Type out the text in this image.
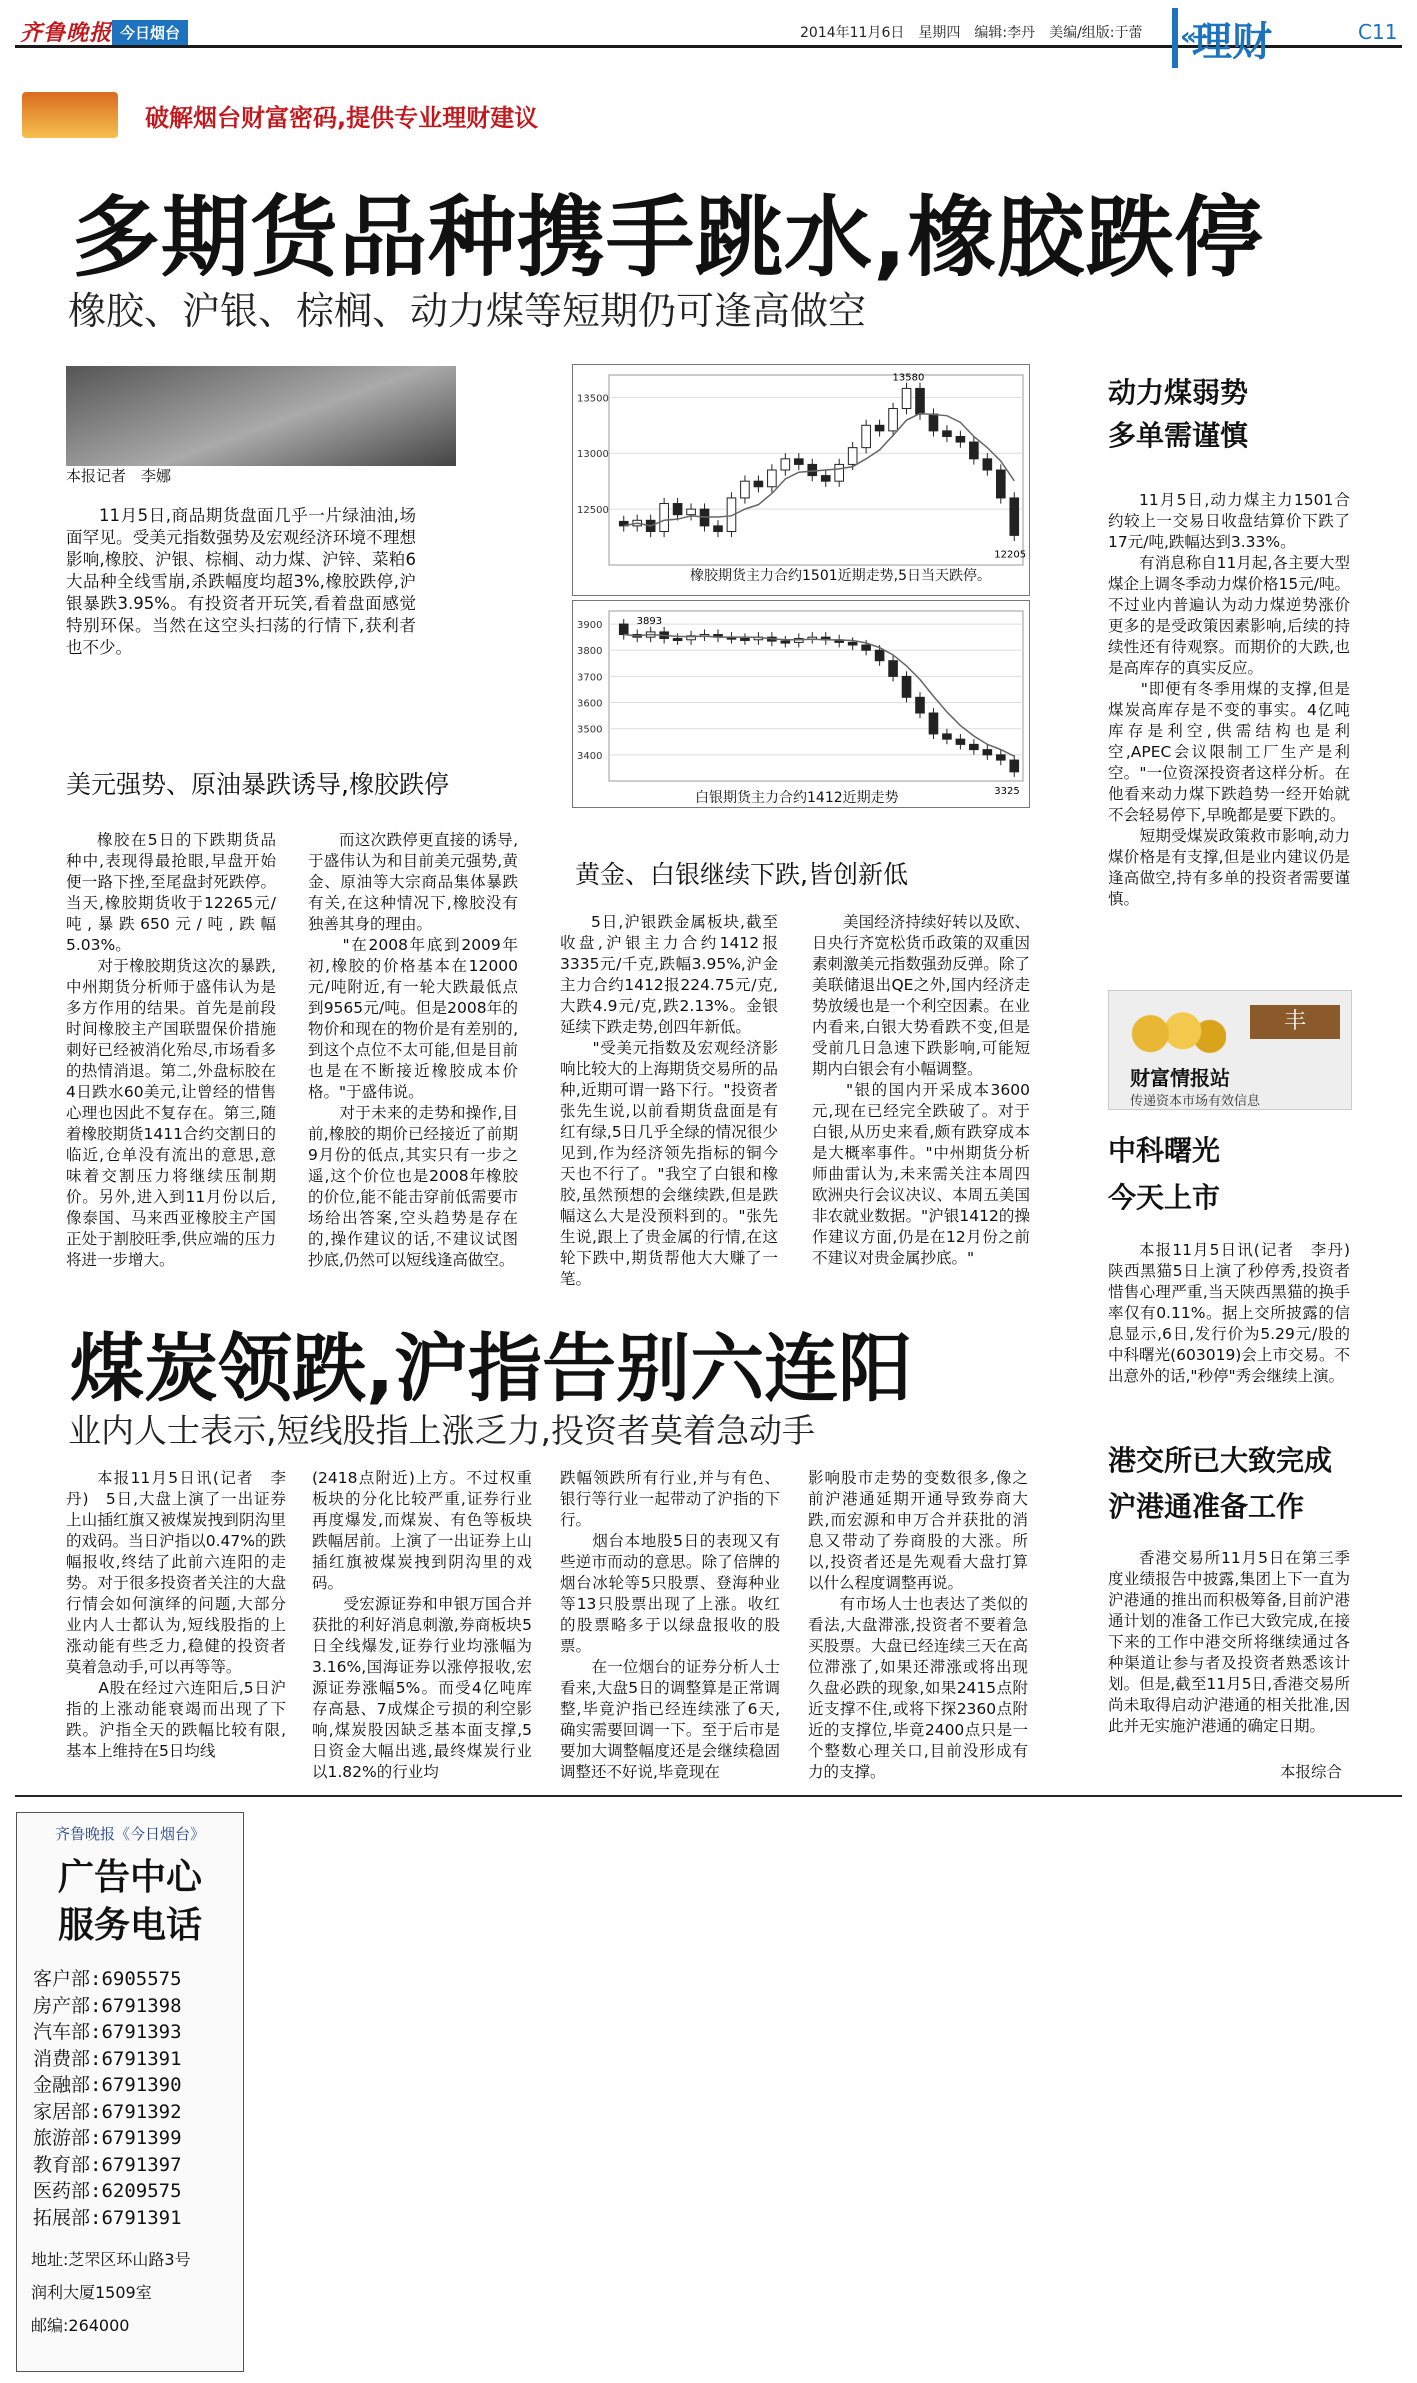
齐鲁晚报 今日烟台	2014年11月6日　星期四　编辑:李丹　美编/组版:于蕾 «
理财	C11
破解烟台财富密码,提供专业理财建议
多期货品种携手跳水,橡胶跌停
橡胶、沪银、棕榈、动力煤等短期仍可逢高做空
本报记者　李娜
11月5日,商品期货盘面几乎一片绿油油,场面罕见。受美元指数强势及宏观经济环境不理想影响,橡胶、沪银、棕榈、动力煤、沪锌、菜粕6大品种全线雪崩,杀跌幅度均超3%,橡胶跌停,沪银暴跌3.95%。有投资者开玩笑,看着盘面感觉特别环保。当然在这空头扫荡的行情下,获利者也不少。
美元强势、原油暴跌诱导,橡胶跌停
橡胶在5日的下跌期货品种中,表现得最抢眼,早盘开始便一路下挫,至尾盘封死跌停。当天,橡胶期货收于12265元/吨,暴跌650元/吨,跌幅5.03%。
　　对于橡胶期货这次的暴跌,中州期货分析师于盛伟认为是多方作用的结果。首先是前段时间橡胶主产国联盟保价措施刺好已经被消化殆尽,市场看多的热情消退。第二,外盘标胶在4日跌水60美元,让曾经的惜售心理也因此不复存在。第三,随着橡胶期货1411合约交割日的临近,仓单没有流出的意思,意味着交割压力将继续压制期价。另外,进入到11月份以后,像泰国、马来西亚橡胶主产国正处于割胶旺季,供应端的压力将进一步增大。
而这次跌停更直接的诱导,于盛伟认为和目前美元强势,黄金、原油等大宗商品集体暴跌有关,在这种情况下,橡胶没有独善其身的理由。
　　"在2008年底到2009年初,橡胶的价格基本在12000元/吨附近,有一轮大跌最低点到9565元/吨。但是2008年的物价和现在的物价是有差别的,到这个点位不太可能,但是目前也是在不断接近橡胶成本价格。"于盛伟说。
　　对于未来的走势和操作,目前,橡胶的期价已经接近了前期9月份的低点,其实只有一步之遥,这个价位也是2008年橡胶的价位,能不能击穿前低需要市场给出答案,空头趋势是存在的,操作建议的话,不建议试图抄底,仍然可以短线逢高做空。
13500
13000
12500
13580
12205
橡胶期货主力合约1501近期走势,5日当天跌停。
3900
3800
3700
3600
3500
3400
3893
3325
白银期货主力合约1412近期走势
黄金、白银继续下跌,皆创新低
5日,沪银跌金属板块,截至收盘,沪银主力合约1412报3335元/千克,跌幅3.95%,沪金主力合约1412报224.75元/克,大跌4.9元/克,跌2.13%。金银延续下跌走势,创四年新低。
　　"受美元指数及宏观经济影响比较大的上海期货交易所的品种,近期可谓一路下行。"投资者张先生说,以前看期货盘面是有红有绿,5日几乎全绿的情况很少见到,作为经济领先指标的铜今天也不行了。"我空了白银和橡胶,虽然预想的会继续跌,但是跌幅这么大是没预料到的。"张先生说,跟上了贵金属的行情,在这轮下跌中,期货帮他大大赚了一笔。
美国经济持续好转以及欧、日央行齐宽松货币政策的双重因素刺激美元指数强劲反弹。除了美联储退出QE之外,国内经济走势放缓也是一个利空因素。在业内看来,白银大势看跌不变,但是受前几日急速下跌影响,可能短期内白银会有小幅调整。
　　"银的国内开采成本3600元,现在已经完全跌破了。对于白银,从历史来看,颇有跌穿成本是大概率事件。"中州期货分析师曲雷认为,未来需关注本周四欧洲央行会议决议、本周五美国非农就业数据。"沪银1412的操作建议方面,仍是在12月份之前不建议对贵金属抄底。"
动力煤弱势
多单需谨慎
11月5日,动力煤主力1501合约较上一交易日收盘结算价下跌了17元/吨,跌幅达到3.33%。
　　有消息称自11月起,各主要大型煤企上调冬季动力煤价格15元/吨。不过业内普遍认为动力煤逆势涨价更多的是受政策因素影响,后续的持续性还有待观察。而期价的大跌,也是高库存的真实反应。
　　"即便有冬季用煤的支撑,但是煤炭高库存是不变的事实。4亿吨库存是利空,供需结构也是利空,APEC会议限制工厂生产是利空。"一位资深投资者这样分析。在他看来动力煤下跌趋势一经开始就不会轻易停下,早晚都是要下跌的。
　　短期受煤炭政策救市影响,动力煤价格是有支撑,但是业内建议仍是逢高做空,持有多单的投资者需要谨慎。
丰
财富情报站
传递资本市场有效信息
中科曙光
今天上市
本报11月5日讯(记者　李丹)　陕西黑猫5日上演了秒停秀,投资者惜售心理严重,当天陕西黑猫的换手率仅有0.11%。据上交所披露的信息显示,6日,发行价为5.29元/股的中科曙光(603019)会上市交易。不出意外的话,"秒停"秀会继续上演。
港交所已大致完成
沪港通准备工作
香港交易所11月5日在第三季度业绩报告中披露,集团上下一直为沪港通的推出而积极筹备,目前沪港通计划的准备工作已大致完成,在接下来的工作中港交所将继续通过各种渠道让参与者及投资者熟悉该计划。但是,截至11月5日,香港交易所尚未取得启动沪港通的相关批准,因此并无实施沪港通的确定日期。
本报综合
煤炭领跌,沪指告别六连阳
业内人士表示,短线股指上涨乏力,投资者莫着急动手
本报11月5日讯(记者　李丹)　5日,大盘上演了一出证券上山插红旗又被煤炭拽到阴沟里的戏码。当日沪指以0.47%的跌幅报收,终结了此前六连阳的走势。对于很多投资者关注的大盘行情会如何演绎的问题,大部分业内人士都认为,短线股指的上涨动能有些乏力,稳健的投资者莫着急动手,可以再等等。
　　A股在经过六连阳后,5日沪指的上涨动能衰竭而出现了下跌。沪指全天的跌幅比较有限,基本上维持在5日均线
(2418点附近)上方。不过权重板块的分化比较严重,证券行业再度爆发,而煤炭、有色等板块跌幅居前。上演了一出证券上山插红旗被煤炭拽到阴沟里的戏码。
　　受宏源证券和申银万国合并获批的利好消息刺激,券商板块5日全线爆发,证券行业均涨幅为3.16%,国海证券以涨停报收,宏源证券涨幅5%。而受4亿吨库存高悬、7成煤企亏损的利空影响,煤炭股因缺乏基本面支撑,5日资金大幅出逃,最终煤炭行业以1.82%的行业均
跌幅领跌所有行业,并与有色、银行等行业一起带动了沪指的下行。
　　烟台本地股5日的表现又有些逆市而动的意思。除了倍牌的烟台冰轮等5只股票、登海种业等13只股票出现了上涨。收红的股票略多于以绿盘报收的股票。
　　在一位烟台的证券分析人士看来,大盘5日的调整算是正常调整,毕竟沪指已经连续涨了6天,确实需要回调一下。至于后市是要加大调整幅度还是会继续稳固调整还不好说,毕竟现在
影响股市走势的变数很多,像之前沪港通延期开通导致券商大跌,而宏源和申万合并获批的消息又带动了券商股的大涨。所以,投资者还是先观看大盘打算以什么程度调整再说。
　　有市场人士也表达了类似的看法,大盘滞涨,投资者不要着急买股票。大盘已经连续三天在高位滞涨了,如果还滞涨或将出现久盘必跌的现象,如果2415点附近支撑不住,或将下探2360点附近的支撑位,毕竟2400点只是一个整数心理关口,目前没形成有力的支撑。
齐鲁晚报《今日烟台》
广告中心
服务电话
客户部:6905575
房产部:6791398
汽车部:6791393
消费部:6791391
金融部:6791390
家居部:6791392
旅游部:6791399
教育部:6791397
医药部:6209575
拓展部:6791391
地址:芝罘区环山路3号
润利大厦1509室
邮编:264000
